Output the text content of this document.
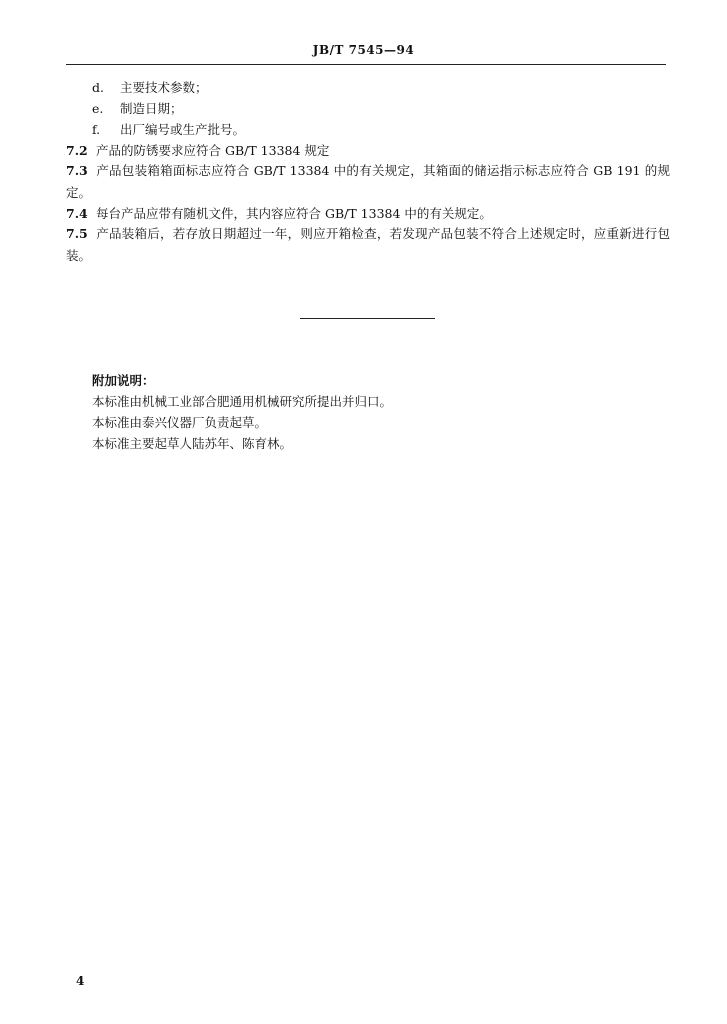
JB/T 7545—94
d. 主要技术参数；
e. 制造日期；
f. 出厂编号或生产批号。
7.2 产品的防锈要求应符合 GB/T 13384 规定
7.3 产品包装箱箱面标志应符合 GB/T 13384 中的有关规定，其箱面的储运指示标志应符合 GB 191 的规定。
7.4 每台产品应带有随机文件，其内容应符合 GB/T 13384 中的有关规定。
7.5 产品装箱后，若存放日期超过一年，则应开箱检查，若发现产品包装不符合上述规定时，应重新进行包装。
附加说明：
本标准由机械工业部合肥通用机械研究所提出并归口。
本标准由泰兴仪器厂负责起草。
本标准主要起草人陆苏年、陈育林。
4
